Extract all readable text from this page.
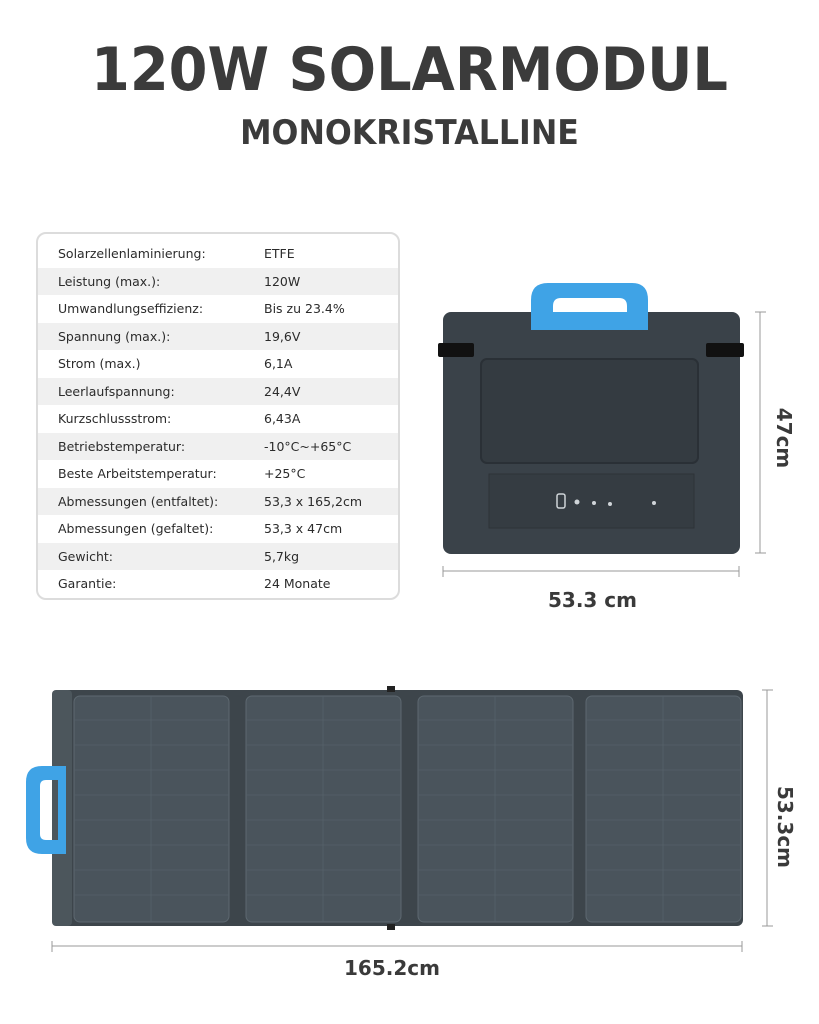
120W SOLARMODUL
MONOKRISTALLINE
Solarzellenlaminierung:	ETFE
Leistung (max.):	120W
Umwandlungseffizienz:	Bis zu 23.4%
Spannung (max.):	19,6V
Strom (max.)	6,1A
Leerlaufspannung:	24,4V
Kurzschlussstrom:	6,43A
Betriebstemperatur:	-10°C~+65°C
Beste Arbeitstemperatur:	+25°C
Abmessungen (entfaltet):	53,3 x 165,2cm
Abmessungen (gefaltet):	53,3 x 47cm
Gewicht:	5,7kg
Garantie:	24 Monate
53.3 cm
47cm
165.2cm
53.3cm
